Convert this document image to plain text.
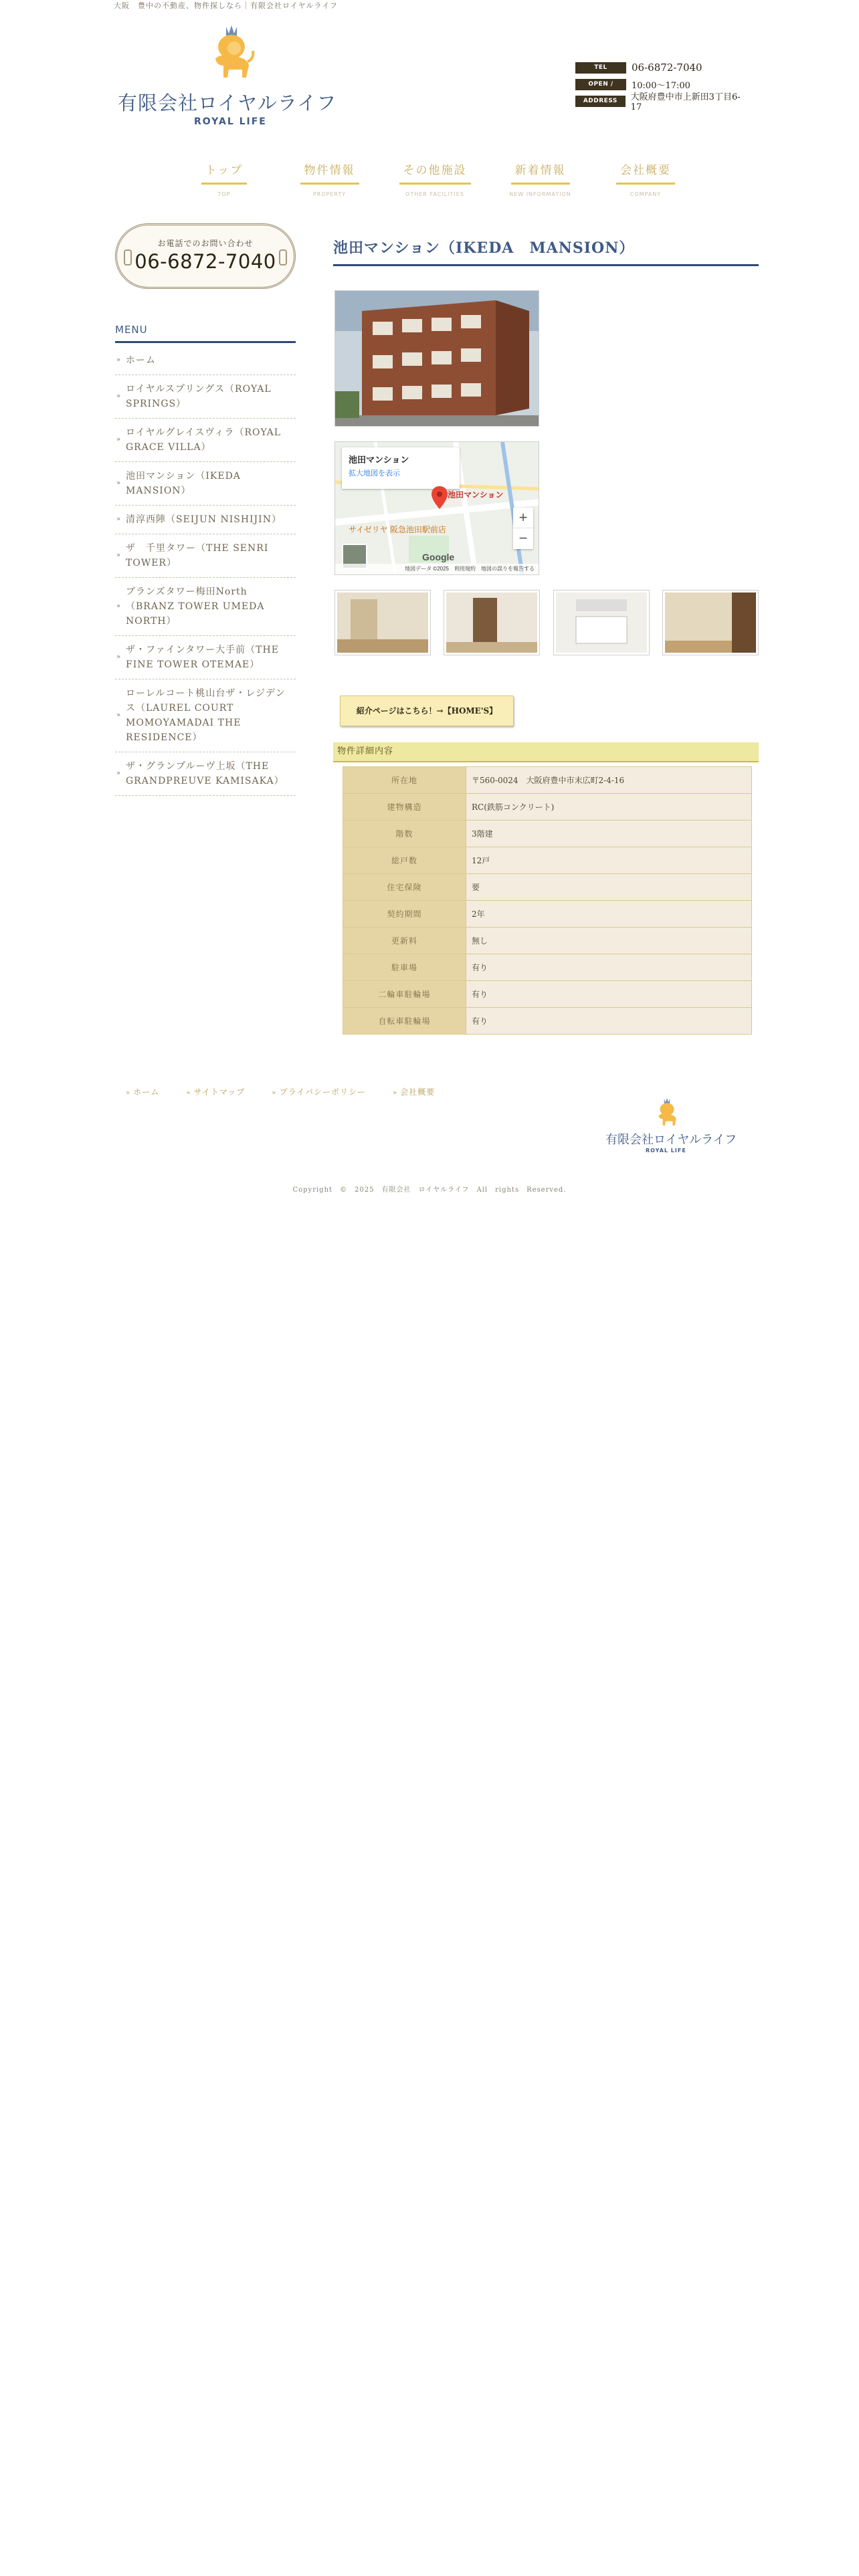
大阪　豊中の不動産、物件探しなら｜有限会社ロイヤルライフ
有限会社ロイヤルライフ
ROYAL LIFE
TEL	06-6872-7040
OPEN /	10:00〜17:00
ADDRESS	大阪府豊中市上新田3丁目6-17
トップ
TOP
物件情報
PROPERTY
その他施設
OTHER FACILITIES
新着情報
NEW INFORMATION
会社概要
COMPANY
お電話でのお問い合わせ
06-6872-7040
MENU
» ホーム
» ロイヤルスプリングス（ROYAL SPRINGS）
» ロイヤルグレイスヴィラ（ROYAL GRACE VILLA）
» 池田マンション（IKEDA MANSION）
» 清淳西陣（SEIJUN NISHIJIN）
» ザ　千里タワー（THE SENRI TOWER）
» ブランズタワー梅田North（BRANZ TOWER UMEDA NORTH）
» ザ・ファインタワー大手前（THE FINE TOWER OTEMAE）
» ローレルコート桃山台ザ・レジデンス（LAUREL COURT MOMOYAMADAI THE RESIDENCE）
» ザ・グランプルーヴ上坂（THE GRANDPREUVE KAMISAKA）
池田マンション（IKEDA　MANSION）
池田マンション
拡大地図を表示
池田マンション
サイゼリヤ 阪急池田駅前店
+
−
Google
地図データ ©2025　利用規約　地図の誤りを報告する
紹介ページはこちら！→【HOME'S】
物件詳細内容
所在地	〒560-0024　大阪府豊中市末広町2-4-16
建物構造	RC(鉄筋コンクリート)
階数	3階建
総戸数	12戸
住宅保険	要
契約期間	2年
更新料	無し
駐車場	有り
二輪車駐輪場	有り
自転車駐輪場	有り
» ホーム	» サイトマップ	» プライバシーポリシー	» 会社概要
有限会社ロイヤルライフ
ROYAL LIFE
Copyright　©　2025　有限会社　ロイヤルライフ　All　rights　Reserved.
